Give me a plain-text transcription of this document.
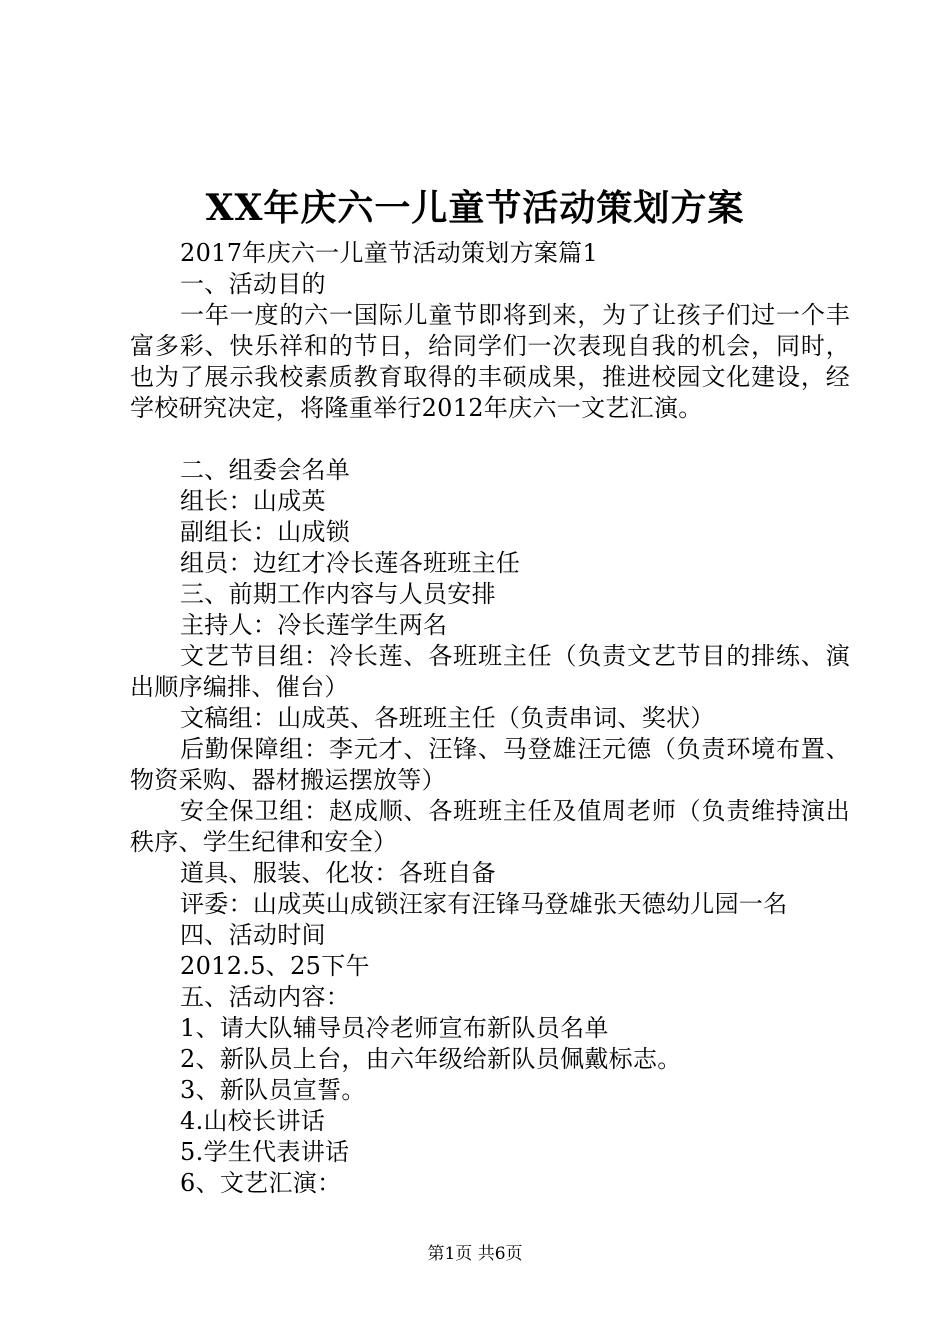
XX年庆六一儿童节活动策划方案

2017年庆六一儿童节活动策划方案篇1

一、活动目的

一年一度的六一国际儿童节即将到来，为了让孩子们过一个丰富多彩、快乐祥和的节日，给同学们一次表现自我的机会，同时，也为了展示我校素质教育取得的丰硕成果，推进校园文化建设，经学校研究决定，将隆重举行2012年庆六一文艺汇演。

二、组委会名单

组长：山成英

副组长：山成锁

组员：边红才冷长莲各班班主任

三、前期工作内容与人员安排

主持人：冷长莲学生两名

文艺节目组：冷长莲、各班班主任（负责文艺节目的排练、演出顺序编排、催台）

文稿组：山成英、各班班主任（负责串词、奖状）

后勤保障组：李元才、汪锋、马登雄汪元德（负责环境布置、物资采购、器材搬运摆放等）

安全保卫组：赵成顺、各班班主任及值周老师（负责维持演出秩序、学生纪律和安全）

道具、服装、化妆：各班自备

评委：山成英山成锁汪家有汪锋马登雄张天德幼儿园一名

四、活动时间

2012.5、25下午

五、活动内容：

1、请大队辅导员冷老师宣布新队员名单

2、新队员上台，由六年级给新队员佩戴标志。

3、新队员宣誓。

4.山校长讲话

5.学生代表讲话

6、文艺汇演：

第1页 共6页
